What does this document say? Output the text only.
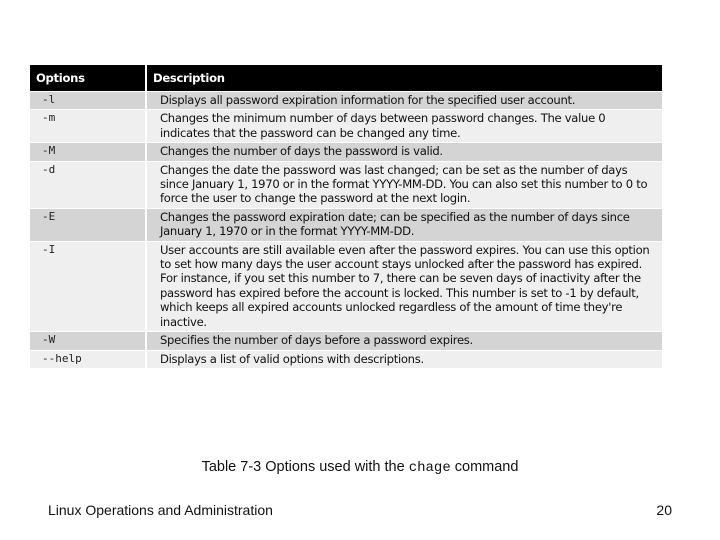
Options	Description
-l	Displays all password expiration information for the specified user account.
-m	Changes the minimum number of days between password changes. The value 0 indicates that the password can be changed any time.
-M	Changes the number of days the password is valid.
-d	Changes the date the password was last changed; can be set as the number of days since January 1, 1970 or in the format YYYY-MM-DD. You can also set this number to 0 to force the user to change the password at the next login.
-E	Changes the password expiration date; can be specified as the number of days since January 1, 1970 or in the format YYYY-MM-DD.
-I	User accounts are still available even after the password expires. You can use this option to set how many days the user account stays unlocked after the password has expired. For instance, if you set this number to 7, there can be seven days of inactivity after the password has expired before the account is locked. This number is set to -1 by default, which keeps all expired accounts unlocked regardless of the amount of time they're inactive.
-W	Specifies the number of days before a password expires.
--help	Displays a list of valid options with descriptions.
Table 7-3 Options used with the chage command
Linux Operations and Administration	20
